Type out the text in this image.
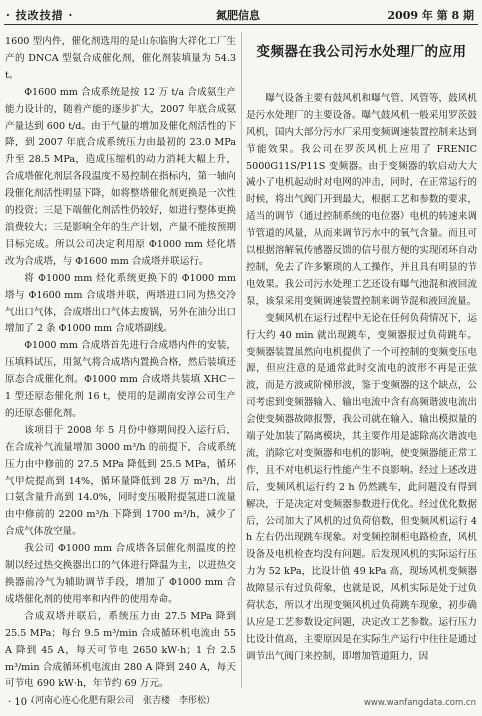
· 技改技措 ·	氮肥信息	2009 年 第 8 期

1600 型内件，催化剂选用的是山东临朐大祥化工厂生产的 DNCA 型氨合成催化剂，催化剂装填量为 54.3 t。

Φ1600 mm 合成系统是按 12 万 t/a 合成氨生产能力设计的，随着产能的逐步扩大，2007 年底合成氨产量达到 600 t/d。由于气量的增加及催化剂活性的下降，到 2007 年底合成系统压力由最初的 23.0 MPa 升至 28.5 MPa，造成压缩机的动力消耗大幅上升，合成塔催化剂层各段温度不易控制在指标内，第一轴向段催化剂活性明显下降，如将整塔催化剂更换是一次性的投资；三是下端催化剂活性仍较好，如进行整体更换浪费较大；三是影响全年的生产计划，产量不能按预期目标完成。所以公司决定利用原 Φ1000 mm 烃化塔改为合成塔，与 Φ1600 mm 合成塔并联运行。

将 Φ1000 mm 烃化系统更换下的 Φ1000 mm 塔与 Φ1600 mm 合成塔并联，两塔进口同为热交冷气出口气体，合成塔出口气体去废锅，另外在油分出口增加了 2 条 Φ1000 mm 合成塔副线。

Φ1000 mm 合成塔首先进行合成塔内件的安装，压填料试压，用氮气将合成塔内置换合格，然后装填还原态合成催化剂。Φ1000 mm 合成塔共装填 XHC－1 型还原态催化剂 16 t，使用的是湖南安淳公司生产的还原态催化剂。

该项目于 2008 年 5 月份中修期间投入运行后，在合成补气流量增加 3000 m³/h 的前提下，合成系统压力由中修前的 27.5 MPa 降低到 25.5 MPa，循环气甲烷提高到 14%，循环量降低到 28 万 m³/h，出口氨含量升高到 14.0%，同时变压吸附提氢进口流量由中修前的 2200 m³/h 下降到 1700 m³/h，减少了合成气体放空量。

我公司 Φ1000 mm 合成塔各层催化剂温度的控制以经过热交换器出口的气体进行降温为主，以进热交换器前冷气为辅助调节手段，增加了 Φ1000 mm 合成塔催化剂的使用率和内件的使用寿命。

合成双塔并联后，系统压力由 27.5 MPa 降到 25.5 MPa；每台 9.5 m³/min 合成循环机电流由 55 A 降到 45 A，每天可节电 2650 kW·h；1 台 2.5 m³/min 合成循环机电流由 280 A 降到 240 A，每天可节电 690 kW·h，年节约 69 万元。

（河南心连心化肥有限公司　张吉楼　李彤松）

变频器在我公司污水处理厂的应用

曝气设备主要有鼓风机和曝气管、风管等，鼓风机是污水处理厂的主要设备。曝气鼓风机一般采用罗茨鼓风机，国内大部分污水厂采用变频调速装置控制来达到节能效果。我公司在罗茨风机上应用了 FRENIC 5000G11S/P11S 变频器。由于变频器的软启动大大减小了电机起动时对电网的冲击，同时，在正常运行的时候，将出气阀门开到最大，根据工艺和参数的要求，适当的调节（通过控制系统的电位器）电机的转速来调节管道的风量，从而来调节污水中的氧气含量。而且可以根据溶解氧传感器反馈的信号很方便的实现闭环自动控制，免去了许多繁琐的人工操作，并且具有明显的节电效果。我公司污水处理工艺还设有曝气池混和液回流泵，该泵采用变频调速装置控制来调节混和液回流量。

变频风机在运行过程中无论在任何负荷情况下，运行大约 40 min 就出现跳车，变频器报过负荷跳车。变频器装置虽然向电机提供了一个可控制的变频变压电源，但应注意的是通常此时交流电的波形不再是正弦波，而是方波或阶梯形波，鉴于变频器的这个缺点，公司考虑到变频器输入、输出电流中含有高频谐波电流出会使变频器故障报警，我公司就在输入、输出模拟量的端子处加装了隔离模块，其主要作用是滤除高次谐波电流，消除它对变频器和电机的影响，使变频器能正常工作，且不对电机运行性能产生不良影响。经过上述改进后，变频风机运行约 2 h 仍然跳车，此问题没有得到解决，于是决定对变频器参数进行优化。经过优化数据后，公司加大了风机的过负荷倍数，但变频风机运行 4 h 左右仍出现跳车现象。对变频控制柜电路检查，风机设备及电机检查均没有问题。后发现风机的实际运行压力为 52 kPa，比设计值 49 kPa 高，现场风机变频器故障显示有过负荷象，也就是说，风机实际是处于过负荷状态，所以才出现变频风机过负荷跳车现象，初步确认应是工艺参数设定问题，决定改工艺参数。运行压力比设计值高，主要原因是在实际生产运行中往往是通过调节出气阀门来控制，即增加管道阻力，因

· 10 ·	www.wanfangdata.com.cn
